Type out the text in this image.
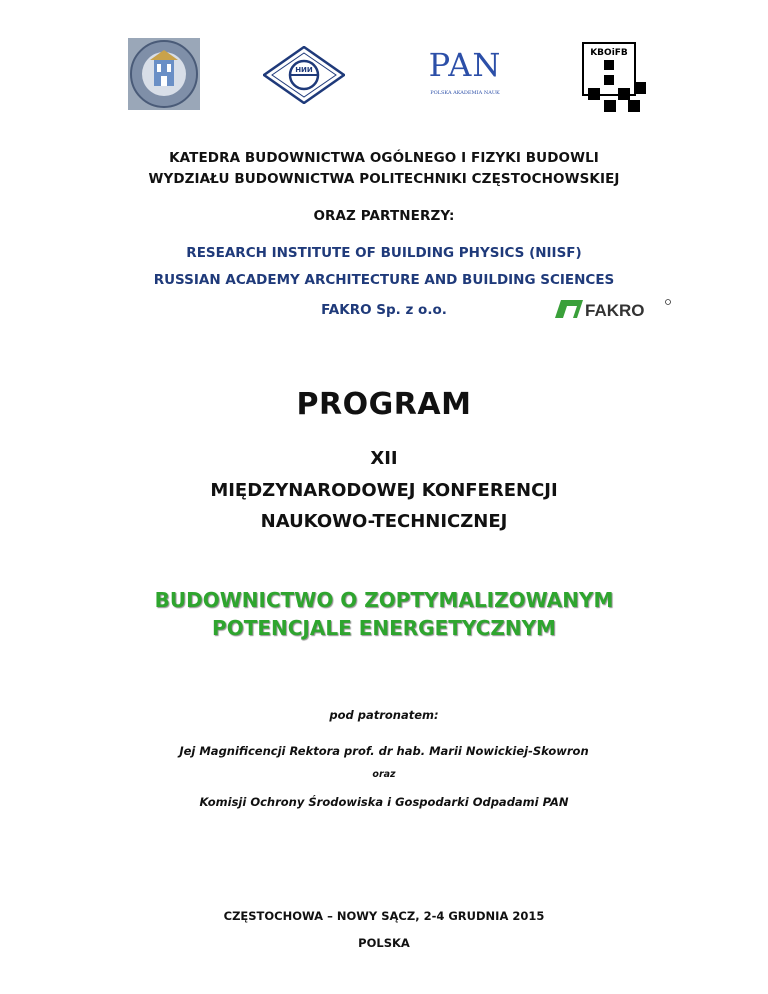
НИИ	PAN
POLSKA AKADEMIA NAUK
KBOiFB
KATEDRA BUDOWNICTWA OGÓLNEGO I FIZYKI BUDOWLI
WYDZIAŁU BUDOWNICTWA POLITECHNIKI CZĘSTOCHOWSKIEJ
ORAZ PARTNERZY:
RESEARCH INSTITUTE OF BUILDING PHYSICS (NIISF)
RUSSIAN ACADEMY ARCHITECTURE AND BUILDING SCIENCES
FAKRO Sp. z o.o.	FAKRO
PROGRAM
XII
MIĘDZYNARODOWEJ KONFERENCJI
NAUKOWO-TECHNICZNEJ
BUDOWNICTWO O ZOPTYMALIZOWANYM
POTENCJALE ENERGETYCZNYM
pod patronatem:
Jej Magnificencji Rektora prof. dr hab. Marii Nowickiej-Skowron
oraz
Komisji Ochrony Środowiska i Gospodarki Odpadami PAN
CZĘSTOCHOWA – NOWY SĄCZ, 2-4 GRUDNIA 2015
POLSKA
